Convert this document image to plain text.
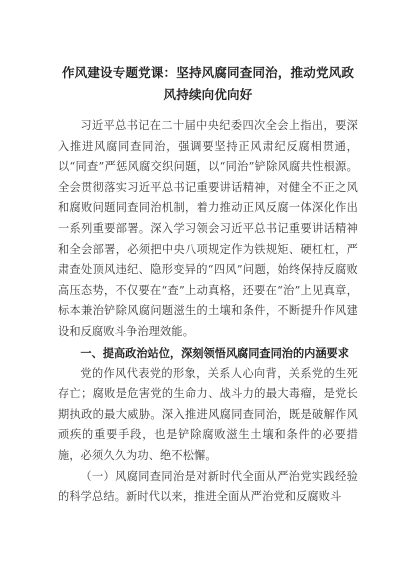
作风建设专题党课：坚持风腐同查同治，推动党风政风持续向优向好

习近平总书记在二十届中央纪委四次全会上指出，要深入推进风腐同查同治，强调要坚持正风肃纪反腐相贯通，以“同查”严惩风腐交织问题，以“同治”铲除风腐共性根源。全会贯彻落实习近平总书记重要讲话精神，对健全不正之风和腐败问题同查同治机制，着力推动正风反腐一体深化作出一系列重要部署。深入学习领会习近平总书记重要讲话精神和全会部署，必须把中央八项规定作为铁规矩、硬杠杠，严肃查处顶风违纪、隐形变异的“四风”问题，始终保持反腐败高压态势，不仅要在“查”上动真格，还要在“治”上见真章，标本兼治铲除风腐问题滋生的土壤和条件，不断提升作风建设和反腐败斗争治理效能。

一、提高政治站位，深刻领悟风腐同查同治的内涵要求

党的作风代表党的形象，关系人心向背，关系党的生死存亡；腐败是危害党的生命力、战斗力的最大毒瘤，是党长期执政的最大威胁。深入推进风腐同查同治，既是破解作风顽疾的重要手段，也是铲除腐败滋生土壤和条件的必要措施，必须久久为功、绝不松懈。

（一）风腐同查同治是对新时代全面从严治党实践经验的科学总结。新时代以来，推进全面从严治党和反腐败斗
